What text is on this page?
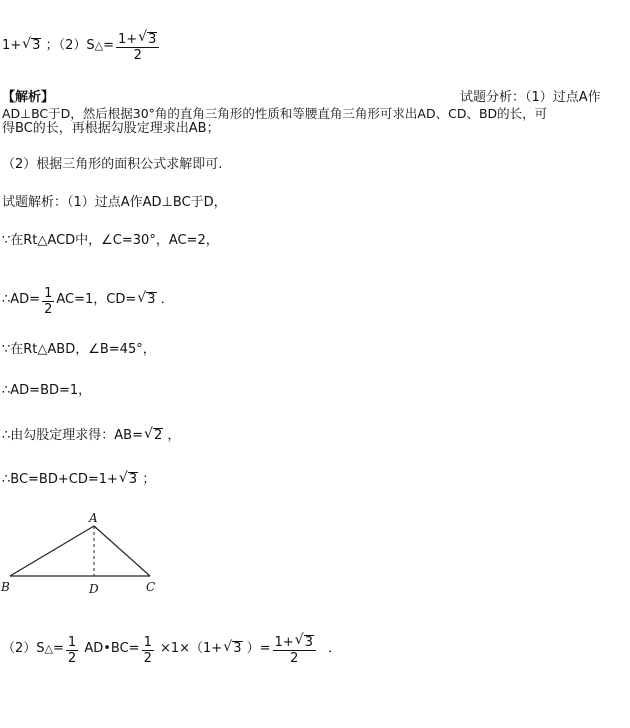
1+√ 3 ；（2）S△= $\frac{1+√ 3}{2}$
【解析】	试题分析：（1）过点A作
AD⊥BC于D，然后根据30°角的直角三角形的性质和等腰直角三角形可求出AD、CD、BD的长，可
得BC的长，再根据勾股定理求出AB；
（2）根据三角形的面积公式求解即可.
试题解析：（1）过点A作AD⊥BC于D，
∵在Rt△ACD中，∠C=30°，AC=2，
∴AD= $\frac{1}{2} AC=1$，CD=√ 3 ．
∵在Rt△ABD，∠B=45°，
∴AD=BD=1，
∴由勾股定理求得：AB=√ 2 ，
∴BC=BD+CD=1+√ 3 ；
A
B	C
D
（2）S△= $\frac{1}{2}$ AD•BC= $\frac{1}{2} \times 1\times(1+√$ 3 ）= $\frac{1+√ 3}{2}$ ．
